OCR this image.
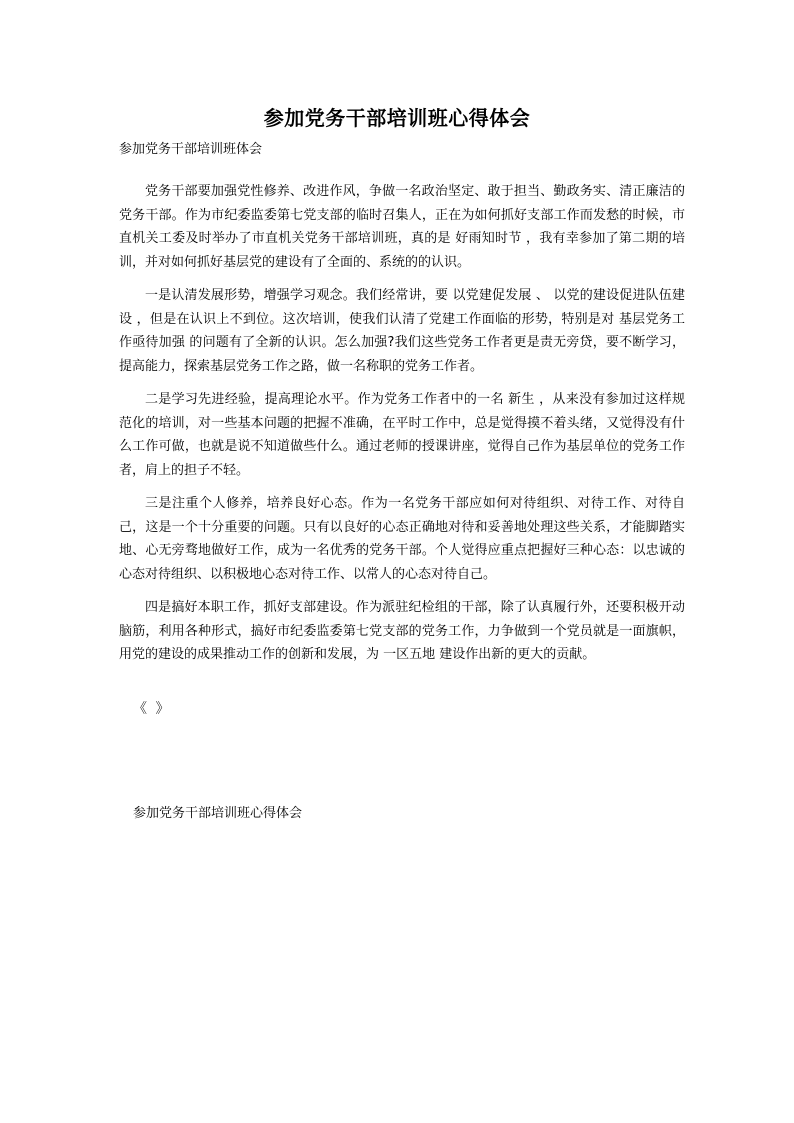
参加党务干部培训班心得体会
参加党务干部培训班体会

党务干部要加强党性修养、改进作风，争做一名政治坚定、敢于担当、勤政务实、清正廉洁的党务干部。作为市纪委监委第七党支部的临时召集人，正在为如何抓好支部工作而发愁的时候，市直机关工委及时举办了市直机关党务干部培训班，真的是 好雨知时节 ，我有幸参加了第二期的培训，并对如何抓好基层党的建设有了全面的、系统的的认识。

一是认清发展形势，增强学习观念。我们经常讲，要 以党建促发展 、 以党的建设促进队伍建设 ，但是在认识上不到位。这次培训，使我们认清了党建工作面临的形势，特别是对 基层党务工作亟待加强 的问题有了全新的认识。怎么加强?我们这些党务工作者更是责无旁贷，要不断学习，提高能力，探索基层党务工作之路，做一名称职的党务工作者。

二是学习先进经验，提高理论水平。作为党务工作者中的一名 新生 ，从来没有参加过这样规范化的培训，对一些基本问题的把握不准确，在平时工作中，总是觉得摸不着头绪，又觉得没有什么工作可做，也就是说不知道做些什么。通过老师的授课讲座，觉得自己作为基层单位的党务工作者，肩上的担子不轻。

三是注重个人修养，培养良好心态。作为一名党务干部应如何对待组织、对待工作、对待自己，这是一个十分重要的问题。只有以良好的心态正确地对待和妥善地处理这些关系，才能脚踏实地、心无旁骛地做好工作，成为一名优秀的党务干部。个人觉得应重点把握好三种心态：以忠诚的心态对待组织、以积极地心态对待工作、以常人的心态对待自己。

四是搞好本职工作，抓好支部建设。作为派驻纪检组的干部，除了认真履行外，还要积极开动脑筋，利用各种形式，搞好市纪委监委第七党支部的党务工作，力争做到一个党员就是一面旗帜，用党的建设的成果推动工作的创新和发展，为 一区五地 建设作出新的更大的贡献。

《 》
参加党务干部培训班心得体会
